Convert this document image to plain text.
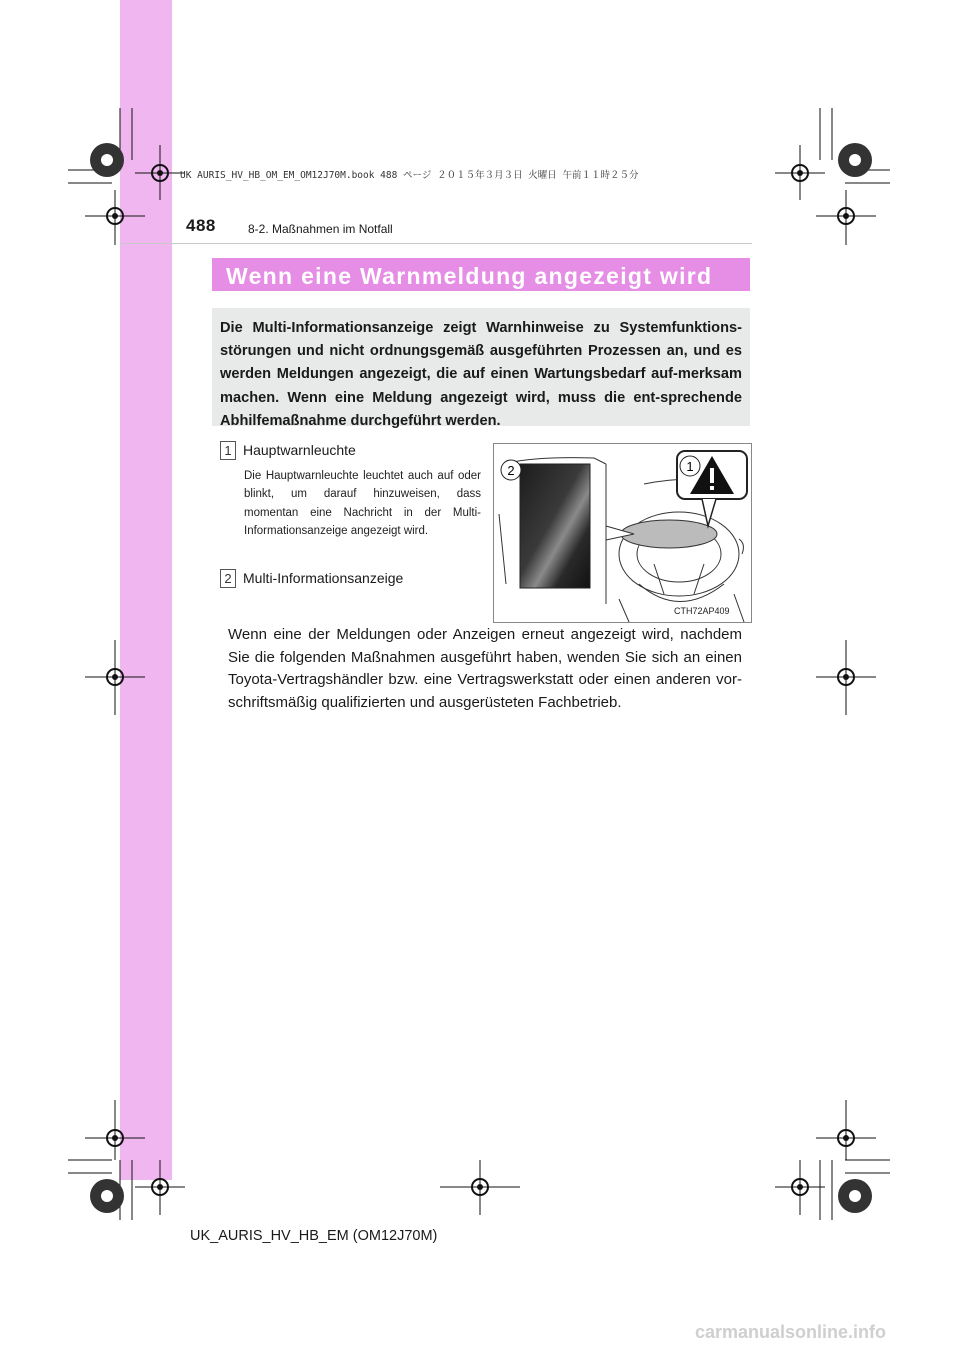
UK AURIS_HV_HB_OM_EM_OM12J70M.book 488 ページ ２０１５年３月３日 火曜日 午前１１時２５分
488	8-2. Maßnahmen im Notfall
Wenn eine Warnmeldung angezeigt wird
Die Multi-Informationsanzeige zeigt Warnhinweise zu Systemfunktions-störungen und nicht ordnungsgemäß ausgeführten Prozessen an, und es werden Meldungen angezeigt, die auf einen Wartungsbedarf auf-merksam machen. Wenn eine Meldung angezeigt wird, muss die ent-sprechende Abhilfemaßnahme durchgeführt werden.
1 Hauptwarnleuchte
Die Hauptwarnleuchte leuchtet auch auf oder blinkt, um darauf hinzuweisen, dass momentan eine Nachricht in der Multi-Informationsanzeige angezeigt wird.
2 Multi-Informationsanzeige
2	1
CTH72AP409
Wenn eine der Meldungen oder Anzeigen erneut angezeigt wird, nachdem Sie die folgenden Maßnahmen ausgeführt haben, wenden Sie sich an einen Toyota-Vertragshändler bzw. eine Vertragswerkstatt oder einen anderen vor-schriftsmäßig qualifizierten und ausgerüsteten Fachbetrieb.
UK_AURIS_HV_HB_EM (OM12J70M)
carmanualsonline.info
